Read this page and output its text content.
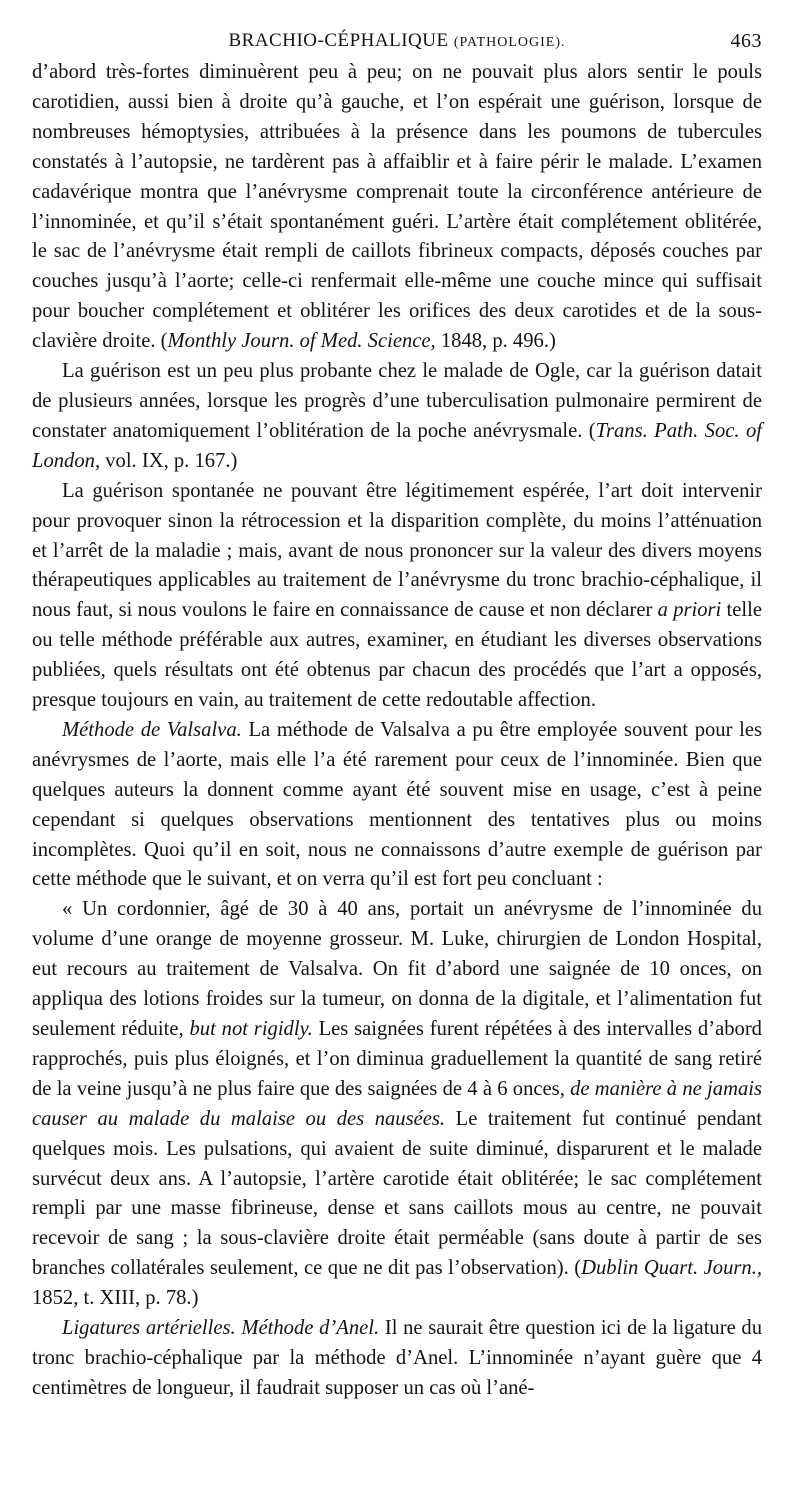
BRACHIO-CÉPHALIQUE (PATHOLOGIE).	463

d’abord très-fortes diminuèrent peu à peu; on ne pouvait plus alors sentir le pouls carotidien, aussi bien à droite qu’à gauche, et l’on espérait une guérison, lorsque de nombreuses hémoptysies, attribuées à la présence dans les poumons de tubercules constatés à l’autopsie, ne tardèrent pas à affaiblir et à faire périr le malade. L’examen cadavérique montra que l’anévrysme comprenait toute la circonférence antérieure de l’innominée, et qu’il s’était spontanément guéri. L’artère était complétement oblitérée, le sac de l’anévrysme était rempli de caillots fibrineux compacts, déposés couches par couches jusqu’à l’aorte; celle-ci renfermait elle-même une couche mince qui suffisait pour boucher complétement et oblitérer les orifices des deux carotides et de la sous-clavière droite. (Monthly Journ. of Med. Science, 1848, p. 496.)

La guérison est un peu plus probante chez le malade de Ogle, car la guérison datait de plusieurs années, lorsque les progrès d’une tuberculisation pulmonaire permirent de constater anatomiquement l’oblitération de la poche anévrysmale. (Trans. Path. Soc. of London, vol. IX, p. 167.)

La guérison spontanée ne pouvant être légitimement espérée, l’art doit intervenir pour provoquer sinon la rétrocession et la disparition complète, du moins l’atténuation et l’arrêt de la maladie ; mais, avant de nous prononcer sur la valeur des divers moyens thérapeutiques applicables au traitement de l’anévrysme du tronc brachio-céphalique, il nous faut, si nous voulons le faire en connaissance de cause et non déclarer a priori telle ou telle méthode préférable aux autres, examiner, en étudiant les diverses observations publiées, quels résultats ont été obtenus par chacun des procédés que l’art a opposés, presque toujours en vain, au traitement de cette redoutable affection.

Méthode de Valsalva. La méthode de Valsalva a pu être employée souvent pour les anévrysmes de l’aorte, mais elle l’a été rarement pour ceux de l’innominée. Bien que quelques auteurs la donnent comme ayant été souvent mise en usage, c’est à peine cependant si quelques observations mentionnent des tentatives plus ou moins incomplètes. Quoi qu’il en soit, nous ne connaissons d’autre exemple de guérison par cette méthode que le suivant, et on verra qu’il est fort peu concluant :

« Un cordonnier, âgé de 30 à 40 ans, portait un anévrysme de l’innominée du volume d’une orange de moyenne grosseur. M. Luke, chirurgien de London Hospital, eut recours au traitement de Valsalva. On fit d’abord une saignée de 10 onces, on appliqua des lotions froides sur la tumeur, on donna de la digitale, et l’alimentation fut seulement réduite, but not rigidly. Les saignées furent répétées à des intervalles d’abord rapprochés, puis plus éloignés, et l’on diminua graduellement la quantité de sang retiré de la veine jusqu’à ne plus faire que des saignées de 4 à 6 onces, de manière à ne jamais causer au malade du malaise ou des nausées. Le traitement fut continué pendant quelques mois. Les pulsations, qui avaient de suite diminué, disparurent et le malade survécut deux ans. A l’autopsie, l’artère carotide était oblitérée; le sac complétement rempli par une masse fibrineuse, dense et sans caillots mous au centre, ne pouvait recevoir de sang ; la sous-clavière droite était perméable (sans doute à partir de ses branches collatérales seulement, ce que ne dit pas l’observation). (Dublin Quart. Journ., 1852, t. XIII, p. 78.)

Ligatures artérielles. Méthode d’Anel. Il ne saurait être question ici de la ligature du tronc brachio-céphalique par la méthode d’Anel. L’innominée n’ayant guère que 4 centimètres de longueur, il faudrait supposer un cas où l’ané-
